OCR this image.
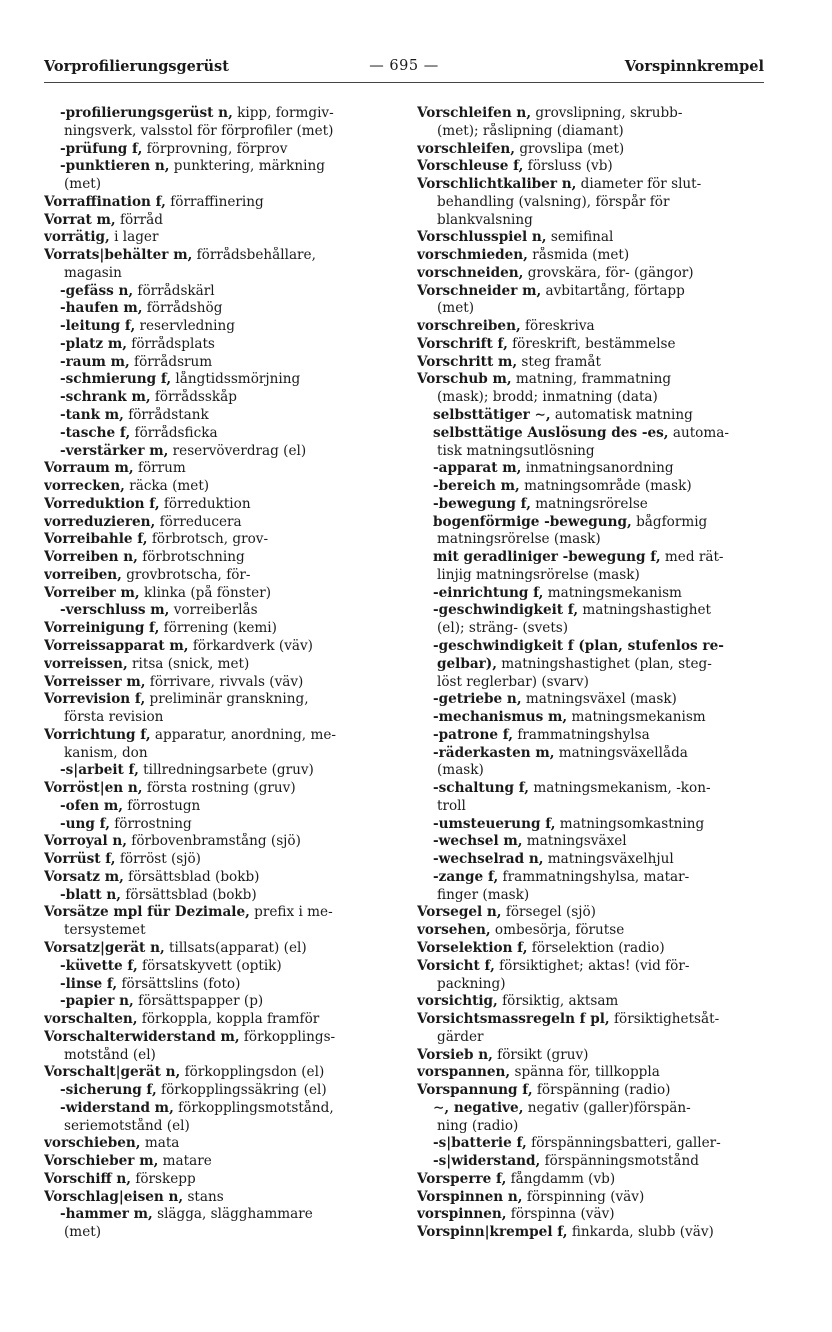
Vorprofilierungsgerüst	— 695 —	Vorspinnkrempel
-profilierungsgerüst n, kipp, formgiv-
ningsverk, valsstol för förprofiler (met)
-prüfung f, förprovning, förprov
-punktieren n, punktering, märkning
(met)
Vorraffination f, förraffinering
Vorrat m, förråd
vorrätig, i lager
Vorrats|behälter m, förrådsbehållare,
magasin
-gefäss n, förrådskärl
-haufen m, förrådshög
-leitung f, reservledning
-platz m, förrådsplats
-raum m, förrådsrum
-schmierung f, långtidssmörjning
-schrank m, förrådsskåp
-tank m, förrådstank
-tasche f, förrådsficka
-verstärker m, reservöverdrag (el)
Vorraum m, förrum
vorrecken, räcka (met)
Vorreduktion f, förreduktion
vorreduzieren, förreducera
Vorreibahle f, förbrotsch, grov-
Vorreiben n, förbrotschning
vorreiben, grovbrotscha, för-
Vorreiber m, klinka (på fönster)
-verschluss m, vorreiberlås
Vorreinigung f, förrening (kemi)
Vorreissapparat m, förkardverk (väv)
vorreissen, ritsa (snick, met)
Vorreisser m, förrivare, rivvals (väv)
Vorrevision f, preliminär granskning,
första revision
Vorrichtung f, apparatur, anordning, me-
kanism, don
-s|arbeit f, tillredningsarbete (gruv)
Vorröst|en n, första rostning (gruv)
-ofen m, förrostugn
-ung f, förrostning
Vorroyal n, förbovenbramstång (sjö)
Vorrüst f, förröst (sjö)
Vorsatz m, försättsblad (bokb)
-blatt n, försättsblad (bokb)
Vorsätze mpl für Dezimale, prefix i me-
tersystemet
Vorsatz|gerät n, tillsats(apparat) (el)
-küvette f, försatskyvett (optik)
-linse f, försättslins (foto)
-papier n, försättspapper (p)
vorschalten, förkoppla, koppla framför
Vorschalterwiderstand m, förkopplings-
motstånd (el)
Vorschalt|gerät n, förkopplingsdon (el)
-sicherung f, förkopplingssäkring (el)
-widerstand m, förkopplingsmotstånd,
seriemotstånd (el)
vorschieben, mata
Vorschieber m, matare
Vorschiff n, förskepp
Vorschlag|eisen n, stans
-hammer m, slägga, slägghammare
(met)
Vorschleifen n, grovslipning, skrubb-
(met); råslipning (diamant)
vorschleifen, grovslipa (met)
Vorschleuse f, försluss (vb)
Vorschlichtkaliber n, diameter för slut-
behandling (valsning), förspår för
blankvalsning
Vorschlusspiel n, semifinal
vorschmieden, råsmida (met)
vorschneiden, grovskära, för- (gängor)
Vorschneider m, avbitartång, förtapp
(met)
vorschreiben, föreskriva
Vorschrift f, föreskrift, bestämmelse
Vorschritt m, steg framåt
Vorschub m, matning, frammatning
(mask); brodd; inmatning (data)
selbsttätiger ∼, automatisk matning
selbsttätige Auslösung des -es, automa-
tisk matningsutlösning
-apparat m, inmatningsanordning
-bereich m, matningsområde (mask)
-bewegung f, matningsrörelse
bogenförmige -bewegung, bågformig
matningsrörelse (mask)
mit geradliniger -bewegung f, med rät-
linjig matningsrörelse (mask)
-einrichtung f, matningsmekanism
-geschwindigkeit f, matningshastighet
(el); sträng- (svets)
-geschwindigkeit f (plan, stufenlos re-
gelbar), matningshastighet (plan, steg-
löst reglerbar) (svarv)
-getriebe n, matningsväxel (mask)
-mechanismus m, matningsmekanism
-patrone f, frammatningshylsa
-räderkasten m, matningsväxellåda
(mask)
-schaltung f, matningsmekanism, -kon-
troll
-umsteuerung f, matningsomkastning
-wechsel m, matningsväxel
-wechselrad n, matningsväxelhjul
-zange f, frammatningshylsa, matar-
finger (mask)
Vorsegel n, försegel (sjö)
vorsehen, ombesörja, förutse
Vorselektion f, förselektion (radio)
Vorsicht f, försiktighet; aktas! (vid för-
packning)
vorsichtig, försiktig, aktsam
Vorsichtsmassregeln f pl, försiktighetsåt-
gärder
Vorsieb n, försikt (gruv)
vorspannen, spänna för, tillkoppla
Vorspannung f, förspänning (radio)
∼, negative, negativ (galler)förspän-
ning (radio)
-s|batterie f, förspänningsbatteri, galler-
-s|widerstand, förspänningsmotstånd
Vorsperre f, fångdamm (vb)
Vorspinnen n, förspinning (väv)
vorspinnen, förspinna (väv)
Vorspinn|krempel f, finkarda, slubb (väv)
